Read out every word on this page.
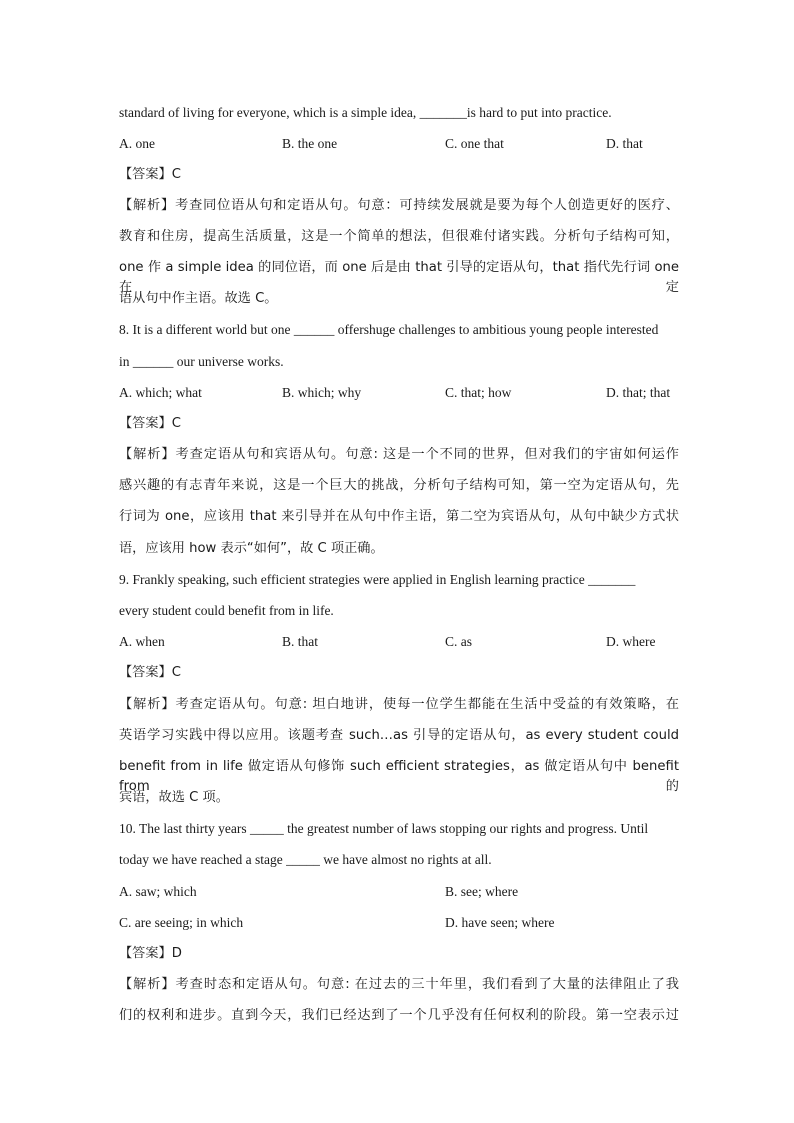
standard of living for everyone, which is a simple idea, _______is hard to put into practice.
A. one	B. the one	C. one that	D. that
【答案】C
【解析】考查同位语从句和定语从句。句意：可持续发展就是要为每个人创造更好的医疗、
教育和住房，提高生活质量，这是一个简单的想法，但很难付诸实践。分析句子结构可知，
one 作 a simple idea 的同位语，而 one 后是由 that 引导的定语从句，that 指代先行词 one 在定
语从句中作主语。故选 C。
8. It is a different world but one ______ offershuge challenges to ambitious young people interested
in ______ our universe works.
A. which; what	B. which; why	C. that; how	D. that; that
【答案】C
【解析】考查定语从句和宾语从句。句意: 这是一个不同的世界，但对我们的宇宙如何运作
感兴趣的有志青年来说，这是一个巨大的挑战，分析句子结构可知，第一空为定语从句，先
行词为 one，应该用 that 来引导并在从句中作主语，第二空为宾语从句，从句中缺少方式状
语，应该用 how 表示“如何”，故 C 项正确。
9. Frankly speaking, such efficient strategies were applied in English learning practice _______
every student could benefit from in life.
A. when	B. that	C. as	D. where
【答案】C
【解析】考查定语从句。句意: 坦白地讲，使每一位学生都能在生活中受益的有效策略，在
英语学习实践中得以应用。该题考查 such…as 引导的定语从句，as every student could
benefit from in life 做定语从句修饰 such efficient strategies，as 做定语从句中 benefit from 的
宾语，故选 C 项。
10. The last thirty years _____ the greatest number of laws stopping our rights and progress. Until
today we have reached a stage _____ we have almost no rights at all.
A. saw; which	B. see; where
C. are seeing; in which	D. have seen; where
【答案】D
【解析】考查时态和定语从句。句意: 在过去的三十年里，我们看到了大量的法律阻止了我
们的权利和进步。直到今天，我们已经达到了一个几乎没有任何权利的阶段。第一空表示过
